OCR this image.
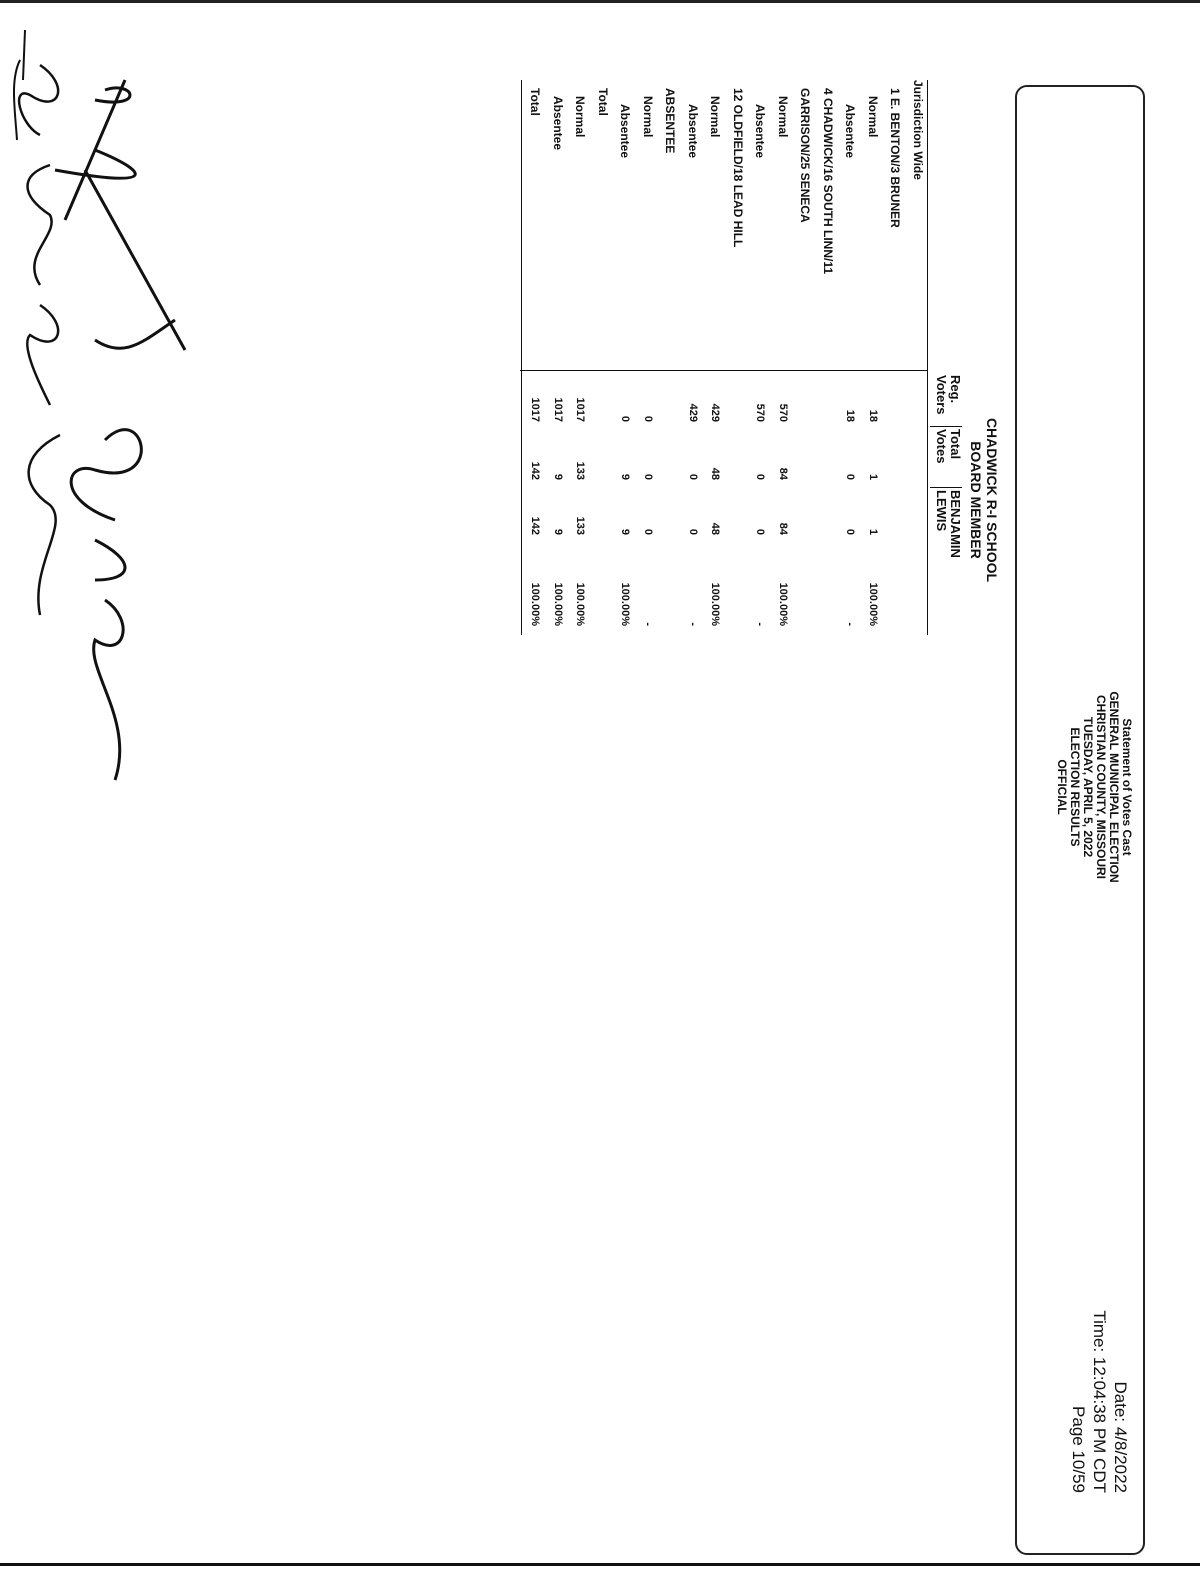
Statement of Votes Cast
GENERAL MUNICIPAL ELECTION
CHRISTIAN COUNTY, MISSOURI
TUESDAY, APRIL 5, 2022
ELECTION RESULTS
OFFICIAL
Date: 4/8/2022
Time: 12:04:38 PM CDT
Page 10/59
CHADWICK R-I SCHOOL
BOARD MEMBER
Reg.
Voters
Total
Votes
BENJAMIN
LEWIS
Jurisdiction Wide
1 E. BENTON/3 BRUNER
Normal
18
1
1
100.00%
Absentee
18
0
0
-
4 CHADWICK/16 SOUTH LINN/11
GARRISON/25 SENECA
Normal
570
84
84
100.00%
Absentee
570
0
0
-
12 OLDFIELD/18 LEAD HILL
Normal
429
48
48
100.00%
Absentee
429
0
0
-
ABSENTEE
Normal
0
0
0
-
Absentee
0
9
9
100.00%
Total
Normal
1017
133
133
100.00%
Absentee
1017
9
9
100.00%
Total
1017
142
142
100.00%
